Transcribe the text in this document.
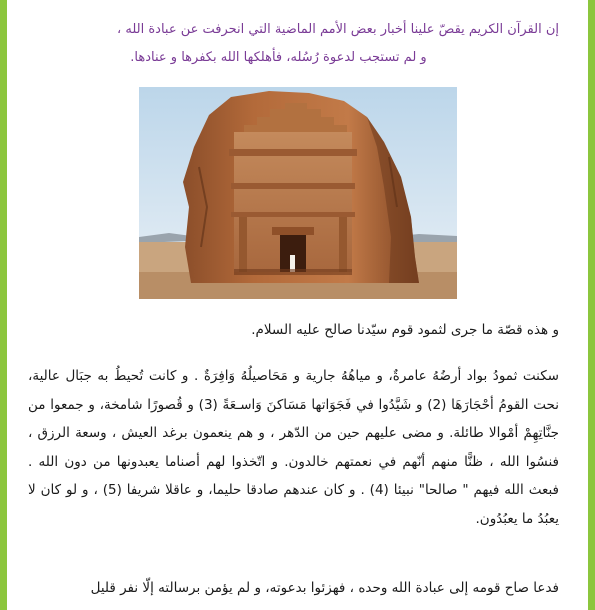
إن القرآن الكريم يقصّ علينا أخبار بعض الأمم الماضية التي انحرفت عن عبادة الله ،

و لم تستجب لدعوة رُسُله، فأهلكها الله بكفرها و عنادها.

و هذه قصّة ما جرى لثمود قوم سيّدنا صالح عليه السلام.

سكنت ثمودُ بواد أرضُهُ عامرةٌ، و مياهُهُ جارية و مَحَاصيلُهُ وَافِرَةٌ . و كانت تُحيطُ به جبَال عالية، نحت القومُ أحْجَارَهَا (2) و شَيَّدُوا في فَجَوَاتها مَسَاكنَ وَاسـعَةً (3) و قُصورًا شامخة، و جمعوا من جنَّاتِهِمْ أمْوالا طائلة. و مضى عليهم حين من الدّهر ، و هم ينعمون برغد العيش ، وسعة الرزق ، فنسُوا الله ، ظنًّا منهم أنّهم في نعمتهم خالدون. و اتّخذوا لهم أصناما يعبدونها من دون الله . فبعث الله فيهم " صالحا" نبيئا (4) . و كان عندهم صادقا حليما، و عاقلا شريفا (5) ، و لو كان لا يعبُدُ ما يعبُدُون.

فدعا صاح قومه إلى عبادة الله وحده ، فهزئوا بدعوته، و لم يؤمن برسالته إلّا نفر قليل
